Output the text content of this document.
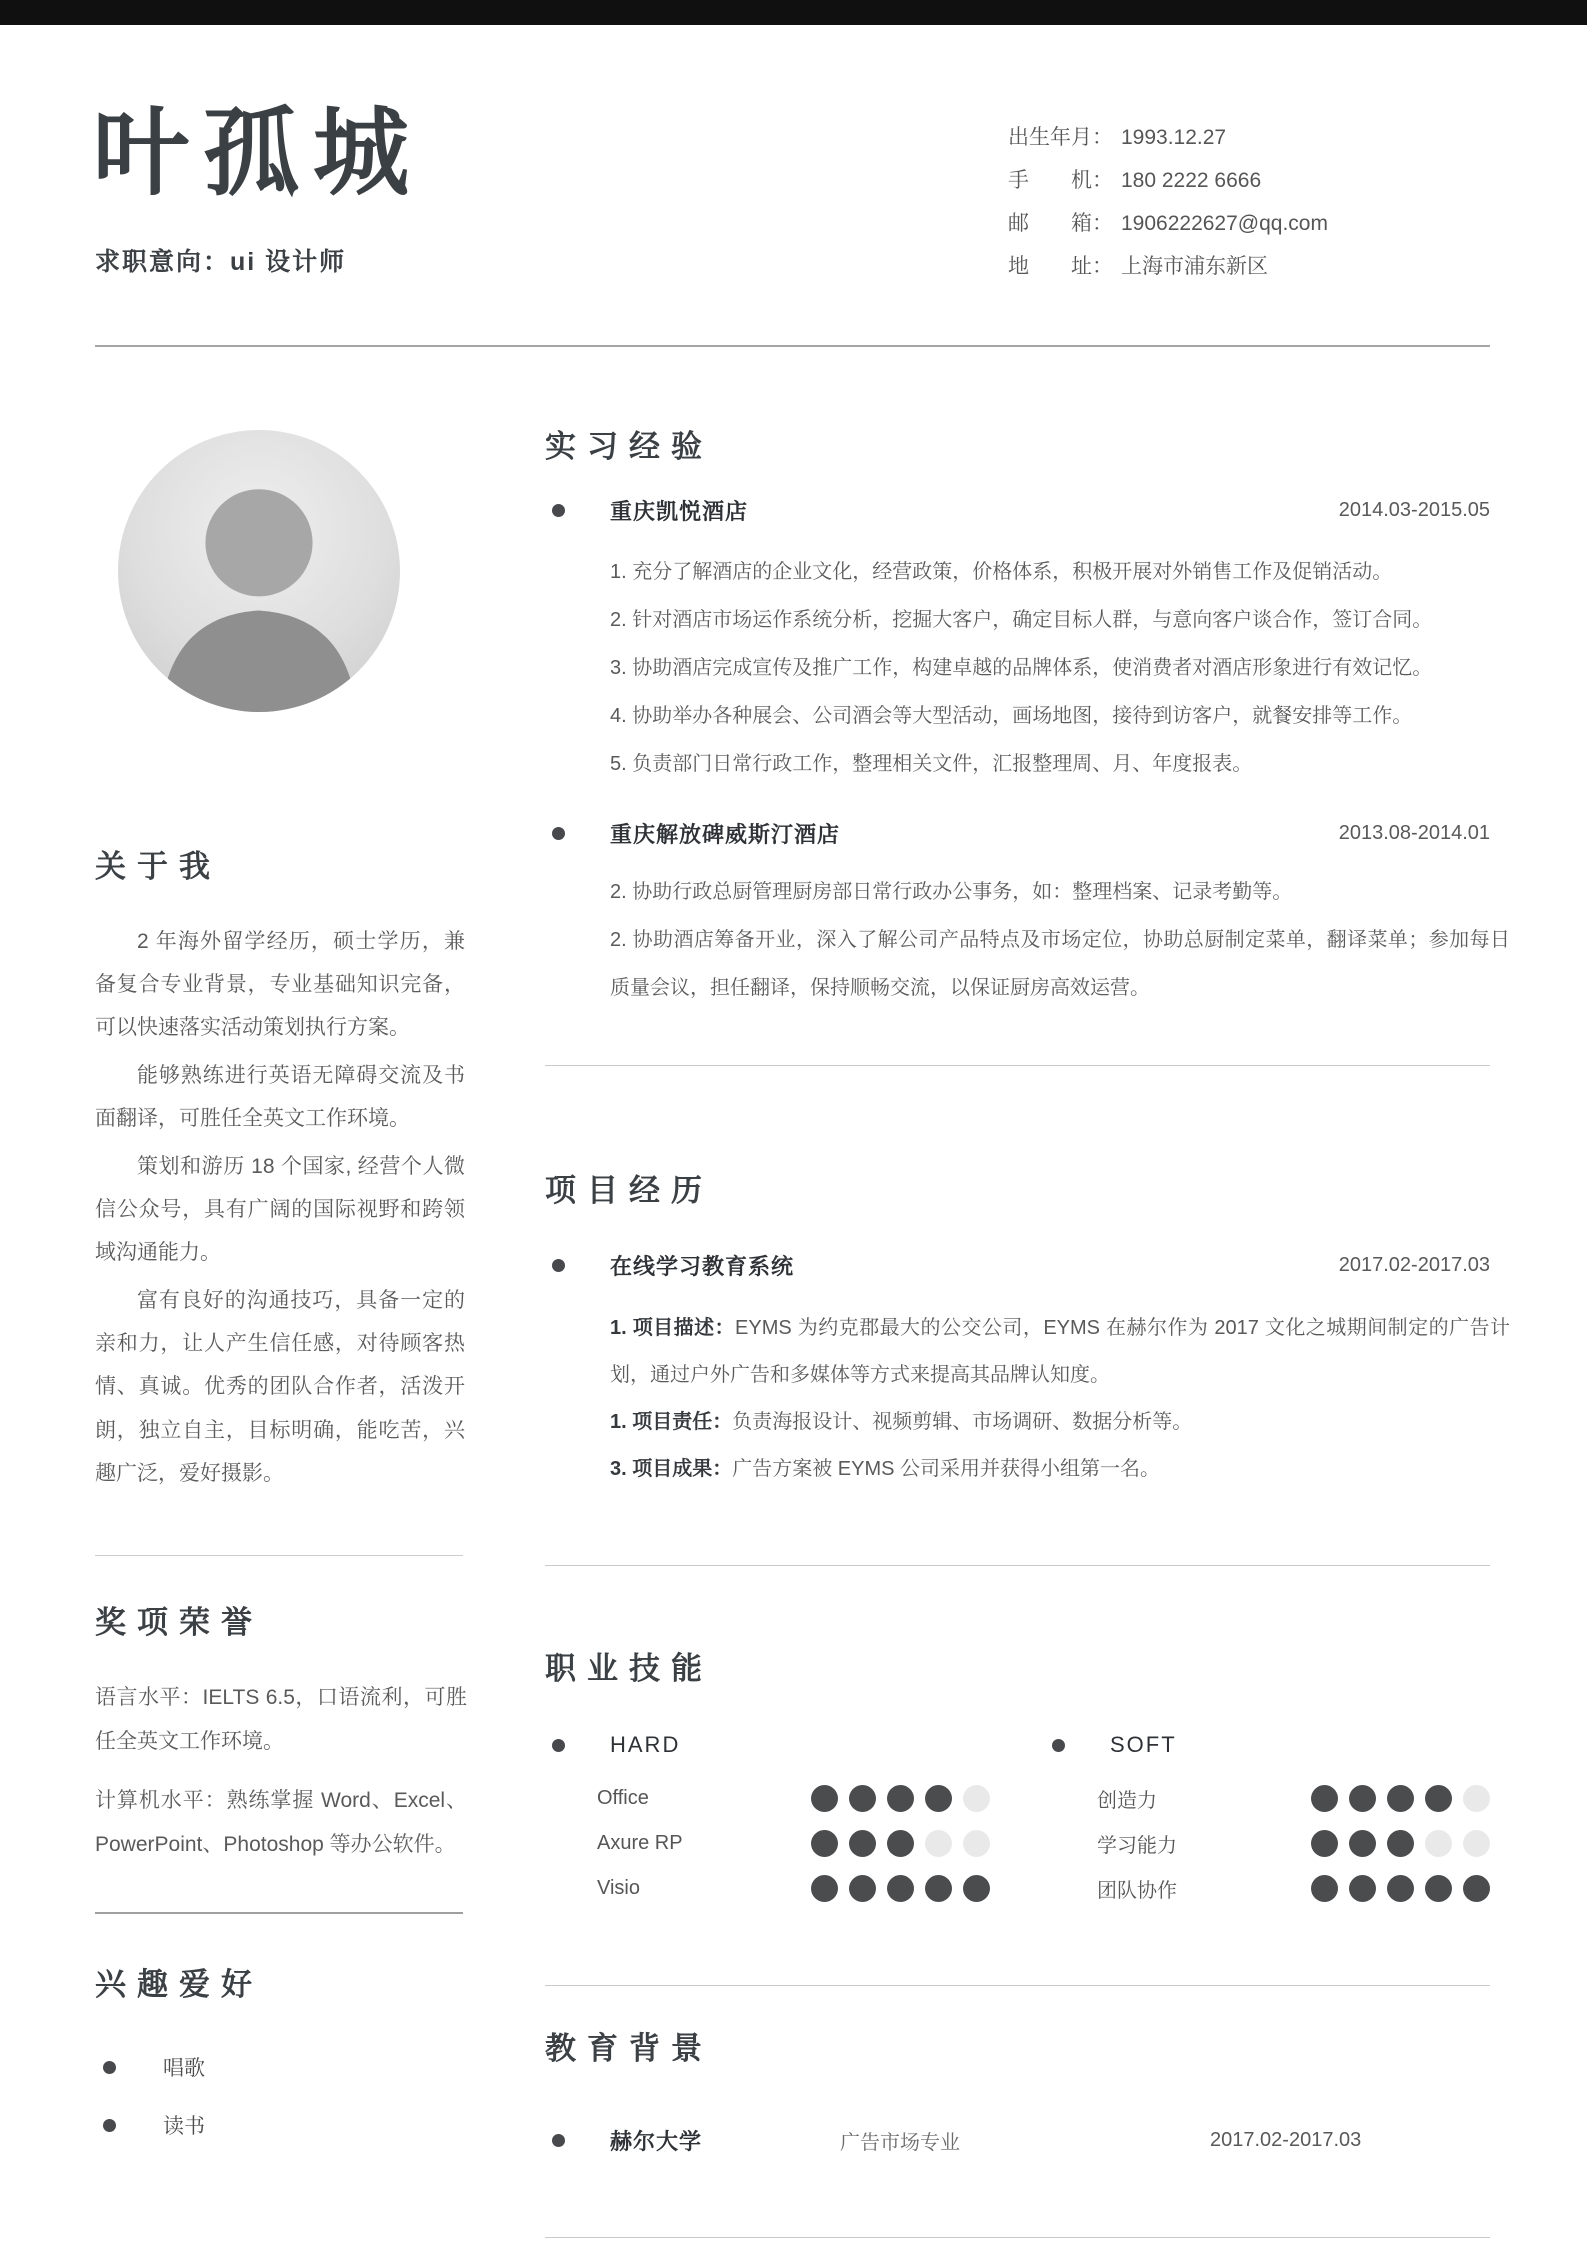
叶孤城
求职意向：ui 设计师
出生年月： 1993.12.27
手　　机： 180 2222 6666
邮　　箱： 1906222627@qq.com
地　　址： 上海市浦东新区
关于我

2 年海外留学经历，硕士学历，兼备复合专业背景，专业基础知识完备，可以快速落实活动策划执行方案。

能够熟练进行英语无障碍交流及书面翻译，可胜任全英文工作环境。

策划和游历 18 个国家, 经营个人微信公众号，具有广阔的国际视野和跨领域沟通能力。

富有良好的沟通技巧，具备一定的亲和力，让人产生信任感，对待顾客热情、真诚。优秀的团队合作者，活泼开朗，独立自主，目标明确，能吃苦，兴趣广泛，爱好摄影。

奖项荣誉

语言水平：IELTS 6.5，口语流利，可胜任全英文工作环境。

计算机水平：熟练掌握 Word、Excel、PowerPoint、Photoshop 等办公软件。

兴趣爱好
唱歌
读书
实习经验
重庆凯悦酒店	2014.03-2015.05

1. 充分了解酒店的企业文化，经营政策，价格体系，积极开展对外销售工作及促销活动。

2. 针对酒店市场运作系统分析，挖掘大客户，确定目标人群，与意向客户谈合作，签订合同。

3. 协助酒店完成宣传及推广工作，构建卓越的品牌体系，使消费者对酒店形象进行有效记忆。

4. 协助举办各种展会、公司酒会等大型活动，画场地图，接待到访客户，就餐安排等工作。

5. 负责部门日常行政工作，整理相关文件，汇报整理周、月、年度报表。

重庆解放碑威斯汀酒店	2013.08-2014.01

2. 协助行政总厨管理厨房部日常行政办公事务，如：整理档案、记录考勤等。

2. 协助酒店筹备开业，深入了解公司产品特点及市场定位，协助总厨制定菜单，翻译菜单；参加每日质量会议，担任翻译，保持顺畅交流，以保证厨房高效运营。

项目经历
在线学习教育系统	2017.02-2017.03

1. 项目描述：EYMS 为约克郡最大的公交公司，EYMS 在赫尔作为 2017 文化之城期间制定的广告计划，通过户外广告和多媒体等方式来提高其品牌认知度。

1. 项目责任：负责海报设计、视频剪辑、市场调研、数据分析等。

3. 项目成果：广告方案被 EYMS 公司采用并获得小组第一名。

职业技能
HARD
Office
Axure RP
Visio
SOFT
创造力
学习能力
团队协作
教育背景
赫尔大学	广告市场专业	2017.02-2017.03
